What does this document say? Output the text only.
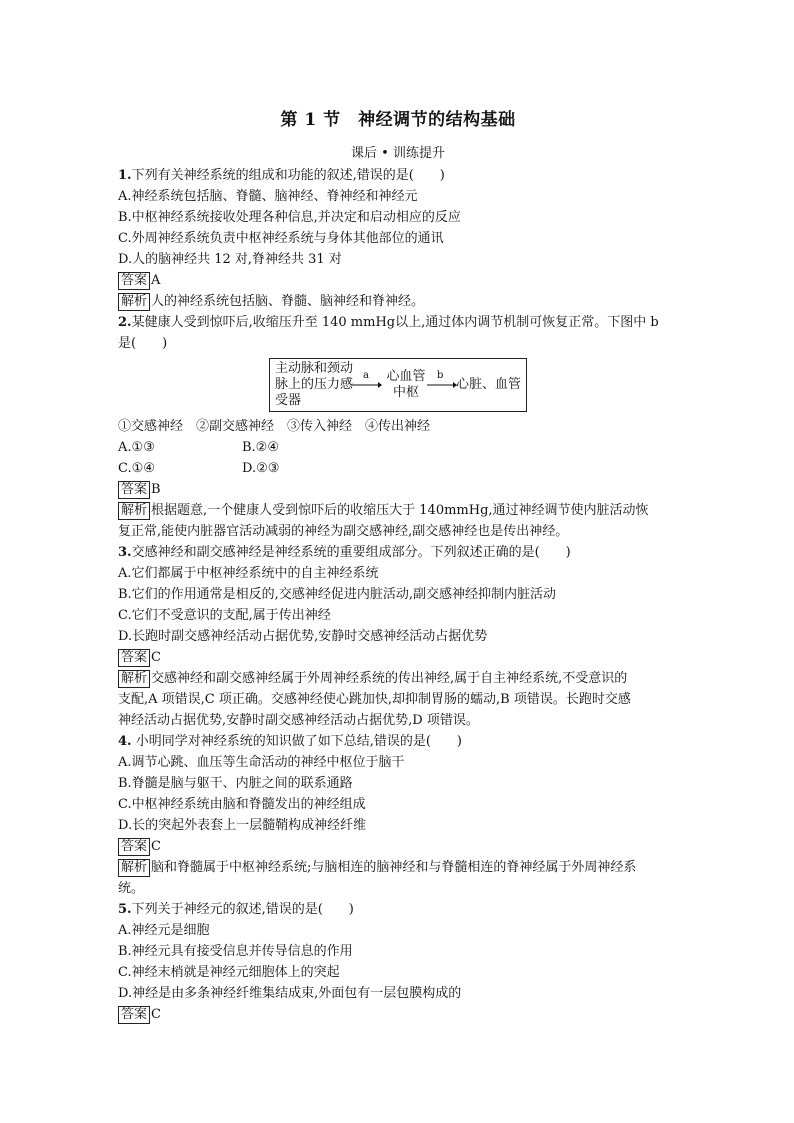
第 1 节　神经调节的结构基础
课后 • 训练提升
1.下列有关神经系统的组成和功能的叙述,错误的是(　　)
A.神经系统包括脑、脊髓、脑神经、脊神经和神经元
B.中枢神经系统接收处理各种信息,并决定和启动相应的反应
C.外周神经系统负责中枢神经系统与身体其他部位的通讯
D.人的脑神经共 12 对,脊神经共 31 对
答案 A
解析 人的神经系统包括脑、脊髓、脑神经和脊神经。
2.某健康人受到惊吓后,收缩压升至 140 mmHg以上,通过体内调节机制可恢复正常。下图中 b
是(　　)
主动脉和颈动脉上的压力感受器
a	心血管中枢
b
心脏、血管
①交感神经　②副交感神经　③传入神经　④传出神经
A.①③	B.②④
C.①④	D.②③
答案 B
解析 根据题意,一个健康人受到惊吓后的收缩压大于 140mmHg,通过神经调节使内脏活动恢
复正常,能使内脏器官活动减弱的神经为副交感神经,副交感神经也是传出神经。
3.交感神经和副交感神经是神经系统的重要组成部分。下列叙述正确的是(　　)
A.它们都属于中枢神经系统中的自主神经系统
B.它们的作用通常是相反的,交感神经促进内脏活动,副交感神经抑制内脏活动
C.它们不受意识的支配,属于传出神经
D.长跑时副交感神经活动占据优势,安静时交感神经活动占据优势
答案 C
解析 交感神经和副交感神经属于外周神经系统的传出神经,属于自主神经系统,不受意识的
支配,A 项错误,C 项正确。交感神经使心跳加快,却抑制胃肠的蠕动,B 项错误。长跑时交感
神经活动占据优势,安静时副交感神经活动占据优势,D 项错误。
4. 小明同学对神经系统的知识做了如下总结,错误的是(　　)
A.调节心跳、血压等生命活动的神经中枢位于脑干
B.脊髓是脑与躯干、内脏之间的联系通路
C.中枢神经系统由脑和脊髓发出的神经组成
D.长的突起外表套上一层髓鞘构成神经纤维
答案 C
解析 脑和脊髓属于中枢神经系统;与脑相连的脑神经和与脊髓相连的脊神经属于外周神经系
统。
5.下列关于神经元的叙述,错误的是(　　)
A.神经元是细胞
B.神经元具有接受信息并传导信息的作用
C.神经末梢就是神经元细胞体上的突起
D.神经是由多条神经纤维集结成束,外面包有一层包膜构成的
答案 C
